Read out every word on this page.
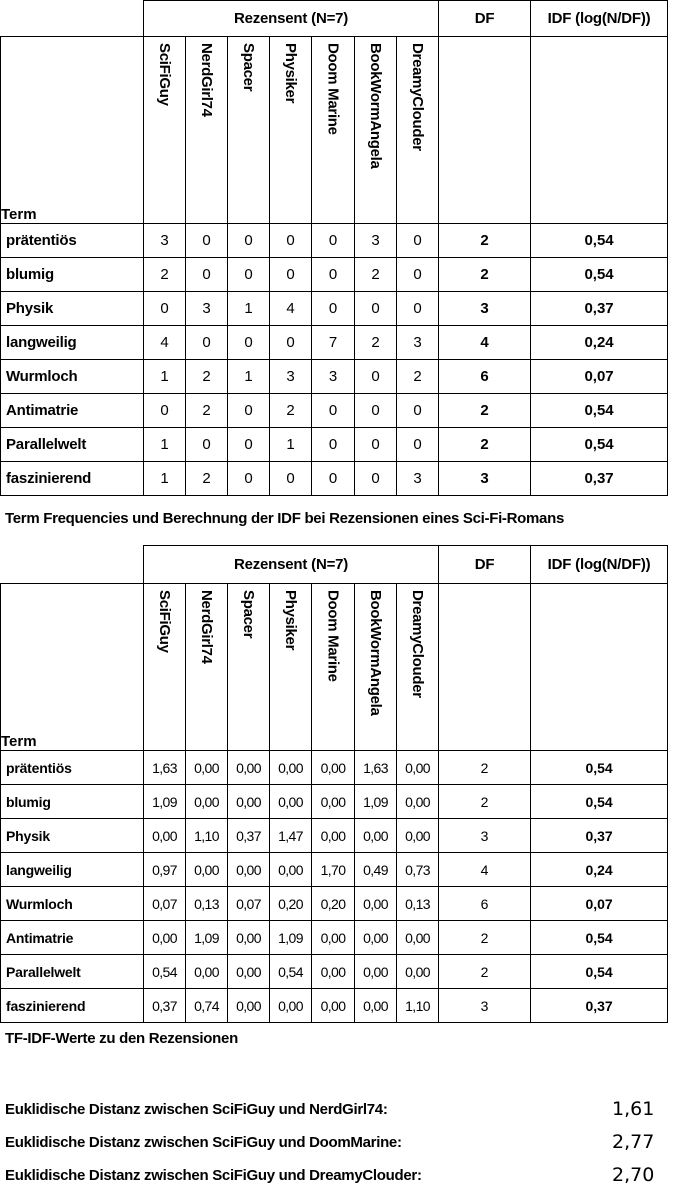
	Rezensent (N=7)							DF	IDF (log(N/DF))
Term	SciFiGuy	NerdGirl74	Spacer	Physiker	Doom Marine	BookWormAngela	DreamyClouder		

prätentiös	3	0	0	0	0	3	0	2	0,54
blumig	2	0	0	0	0	2	0	2	0,54
Physik	0	3	1	4	0	0	0	3	0,37
langweilig	4	0	0	0	7	2	3	4	0,24
Wurmloch	1	2	1	3	3	0	2	6	0,07
Antimatrie	0	2	0	2	0	0	0	2	0,54
Parallelwelt	1	0	0	1	0	0	0	2	0,54
faszinierend	1	2	0	0	0	0	3	3	0,37
Term Frequencies und Berechnung der IDF bei Rezensionen eines Sci-Fi-Romans
	Rezensent (N=7)							DF	IDF (log(N/DF))
Term	SciFiGuy	NerdGirl74	Spacer	Physiker	Doom Marine	BookWormAngela	DreamyClouder		

prätentiös	1,63	0,00	0,00	0,00	0,00	1,63	0,00	2	0,54
blumig	1,09	0,00	0,00	0,00	0,00	1,09	0,00	2	0,54
Physik	0,00	1,10	0,37	1,47	0,00	0,00	0,00	3	0,37
langweilig	0,97	0,00	0,00	0,00	1,70	0,49	0,73	4	0,24
Wurmloch	0,07	0,13	0,07	0,20	0,20	0,00	0,13	6	0,07
Antimatrie	0,00	1,09	0,00	1,09	0,00	0,00	0,00	2	0,54
Parallelwelt	0,54	0,00	0,00	0,54	0,00	0,00	0,00	2	0,54
faszinierend	0,37	0,74	0,00	0,00	0,00	0,00	1,10	3	0,37
TF-IDF-Werte zu den Rezensionen
Euklidische Distanz zwischen SciFiGuy und NerdGirl74:	1,61
Euklidische Distanz zwischen SciFiGuy und DoomMarine:	2,77
Euklidische Distanz zwischen SciFiGuy und DreamyClouder:	2,70
